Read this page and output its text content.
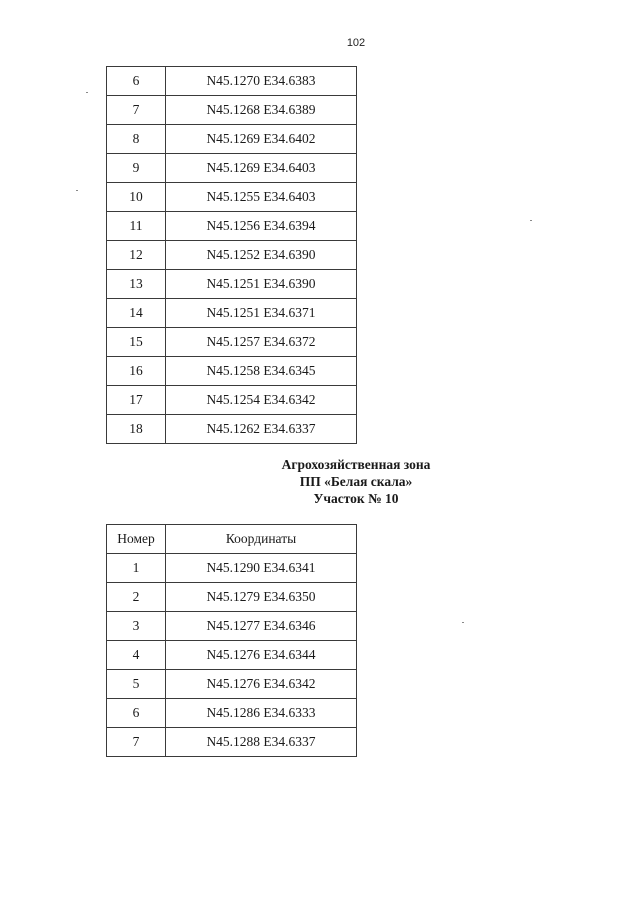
102
6	N45.1270 E34.6383
7	N45.1268 E34.6389
8	N45.1269 E34.6402
9	N45.1269 E34.6403
10	N45.1255 E34.6403
11	N45.1256 E34.6394
12	N45.1252 E34.6390
13	N45.1251 E34.6390
14	N45.1251 E34.6371
15	N45.1257 E34.6372
16	N45.1258 E34.6345
17	N45.1254 E34.6342
18	N45.1262 E34.6337
Агрохозяйственная зона
ПП «Белая скала»
Участок № 10
Номер	Координаты
1	N45.1290 E34.6341
2	N45.1279 E34.6350
3	N45.1277 E34.6346
4	N45.1276 E34.6344
5	N45.1276 E34.6342
6	N45.1286 E34.6333
7	N45.1288 E34.6337
